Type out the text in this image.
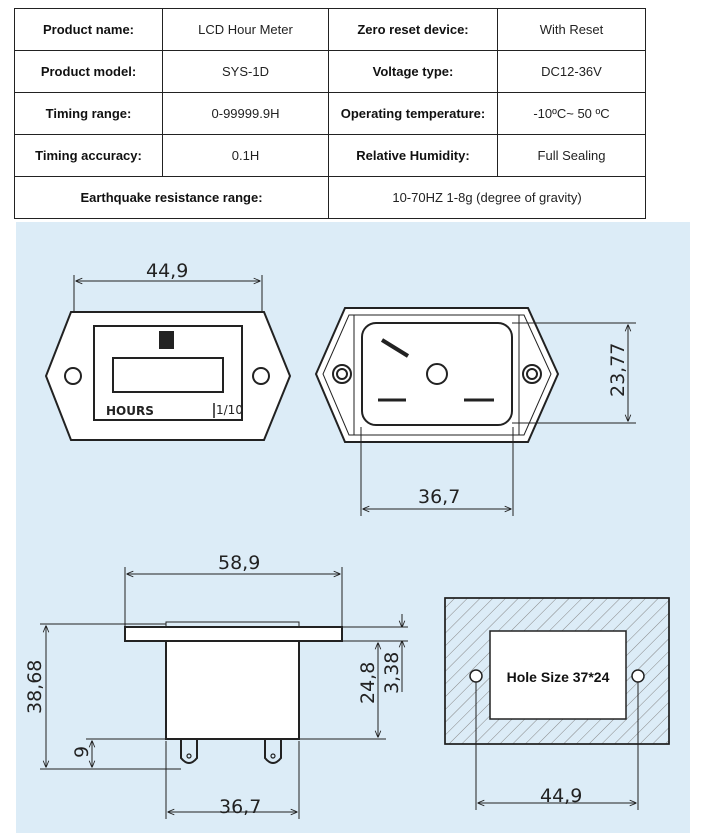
Product name:	LCD Hour Meter	Zero reset device:	With Reset
Product model:	SYS-1D	Voltage type:	DC12-36V
Timing range:	0-99999.9H	Operating temperature:	-10ºC~ 50 ºC
Timing accuracy:	0.1H	Relative Humidity:	Full Sealing
Earthquake resistance range:		10-70HZ 1-8g (degree of gravity)	
44,9
HOURS	1/10
23,77
36,7
58,9
38,68
9
24,8 3,38
36,7
Hole Size 37*24
44,9
